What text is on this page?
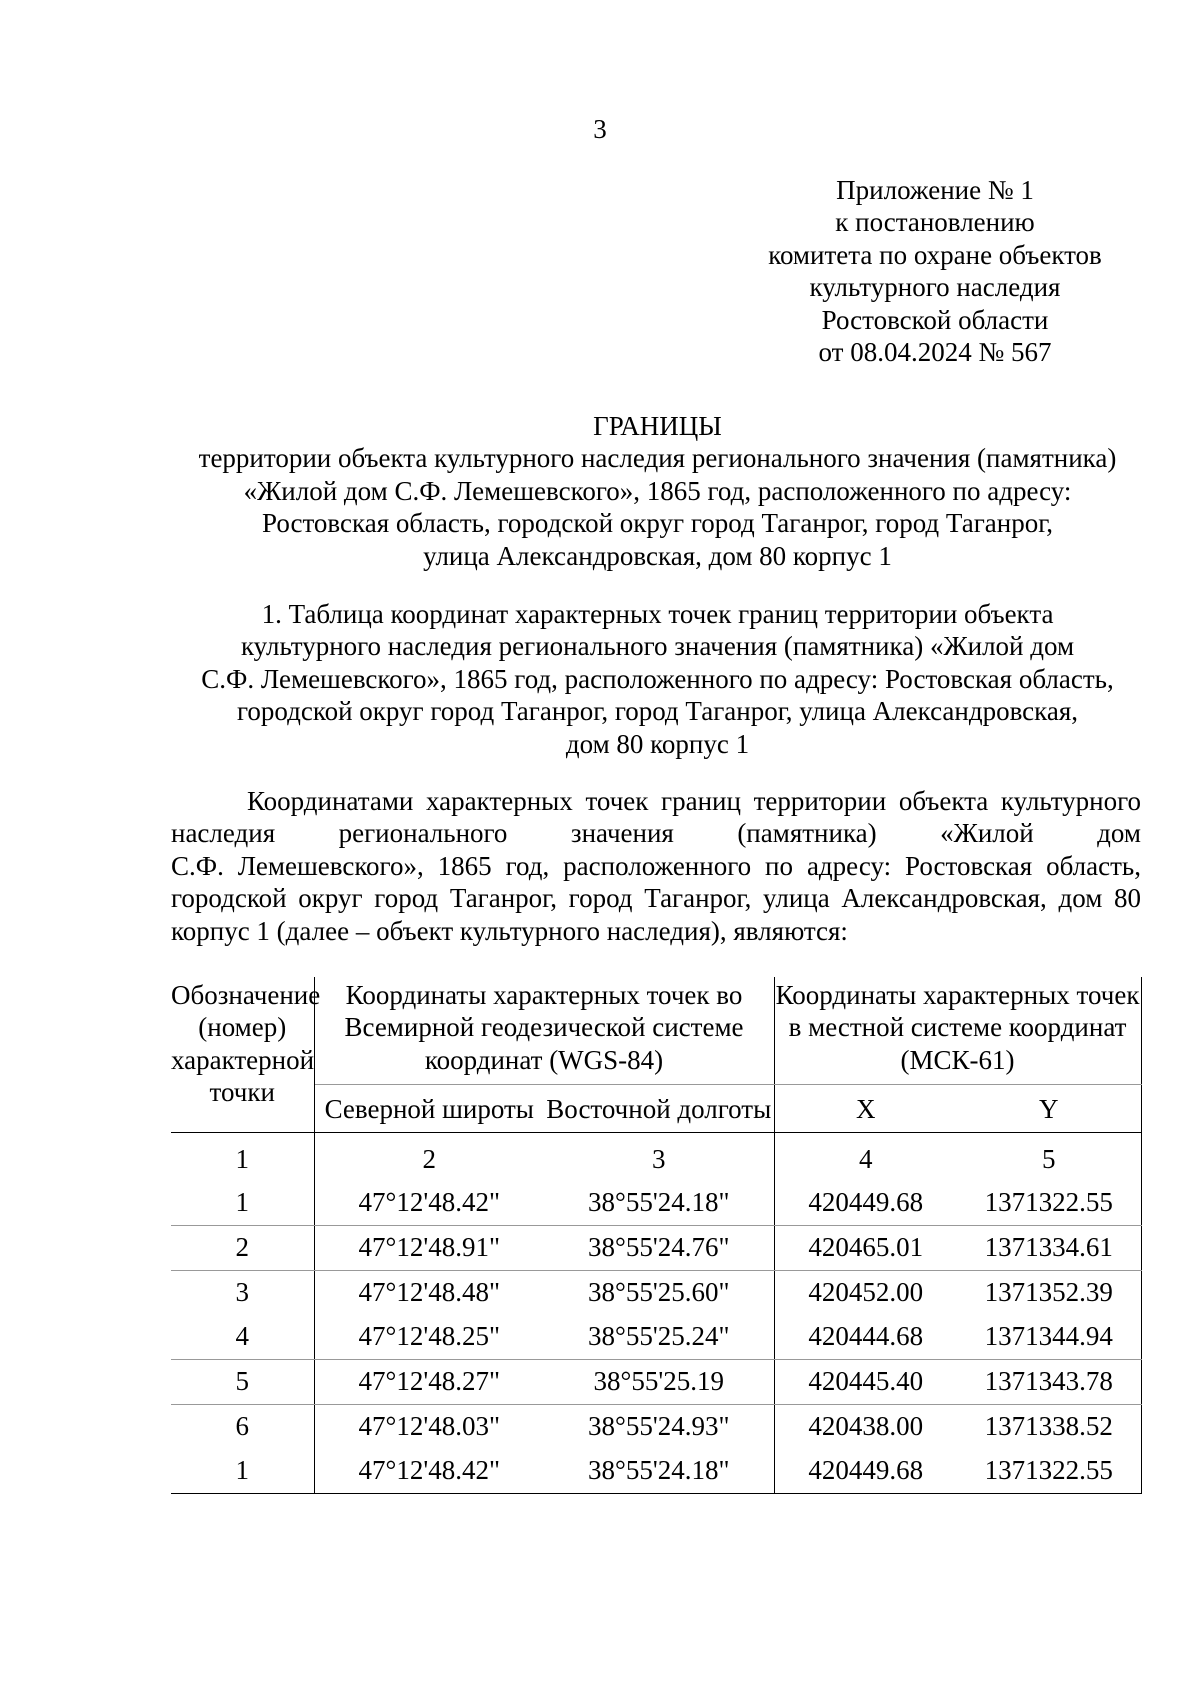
3
Приложение № 1
к постановлению
комитета по охране объектов
культурного наследия
Ростовской области
от 08.04.2024 № 567
ГРАНИЦЫ
территории объекта культурного наследия регионального значения (памятника)
«Жилой дом С.Ф. Лемешевского», 1865 год, расположенного по адресу:
Ростовская область, городской округ город Таганрог, город Таганрог,
улица Александровская, дом 80 корпус 1
1. Таблица координат характерных точек границ территории объекта
культурного наследия регионального значения (памятника) «Жилой дом
С.Ф. Лемешевского», 1865 год, расположенного по адресу: Ростовская область,
городской округ город Таганрог, город Таганрог, улица Александровская,
дом 80 корпус 1
Координатами характерных точек границ территории объекта культурного
наследия регионального значения (памятника) «Жилой дом
С.Ф. Лемешевского», 1865 год, расположенного по адресу: Ростовская область,
городской округ город Таганрог, город Таганрог, улица Александровская, дом 80
корпус 1 (далее – объект культурного наследия), являются:
Обозначение (номер) характерной точки	Координаты характерных точек во Всемирной геодезической системе координат (WGS-84)		Координаты характерных точек в местной системе координат (МСК-61)	
	Северной широты	Восточной долготы	X	Y
1	2	3	4	5
1	47°12'48.42"	38°55'24.18"	420449.68	1371322.55
2	47°12'48.91"	38°55'24.76"	420465.01	1371334.61
3	47°12'48.48"	38°55'25.60"	420452.00	1371352.39
4	47°12'48.25"	38°55'25.24"	420444.68	1371344.94
5	47°12'48.27"	38°55'25.19	420445.40	1371343.78
6	47°12'48.03"	38°55'24.93"	420438.00	1371338.52
1	47°12'48.42"	38°55'24.18"	420449.68	1371322.55
